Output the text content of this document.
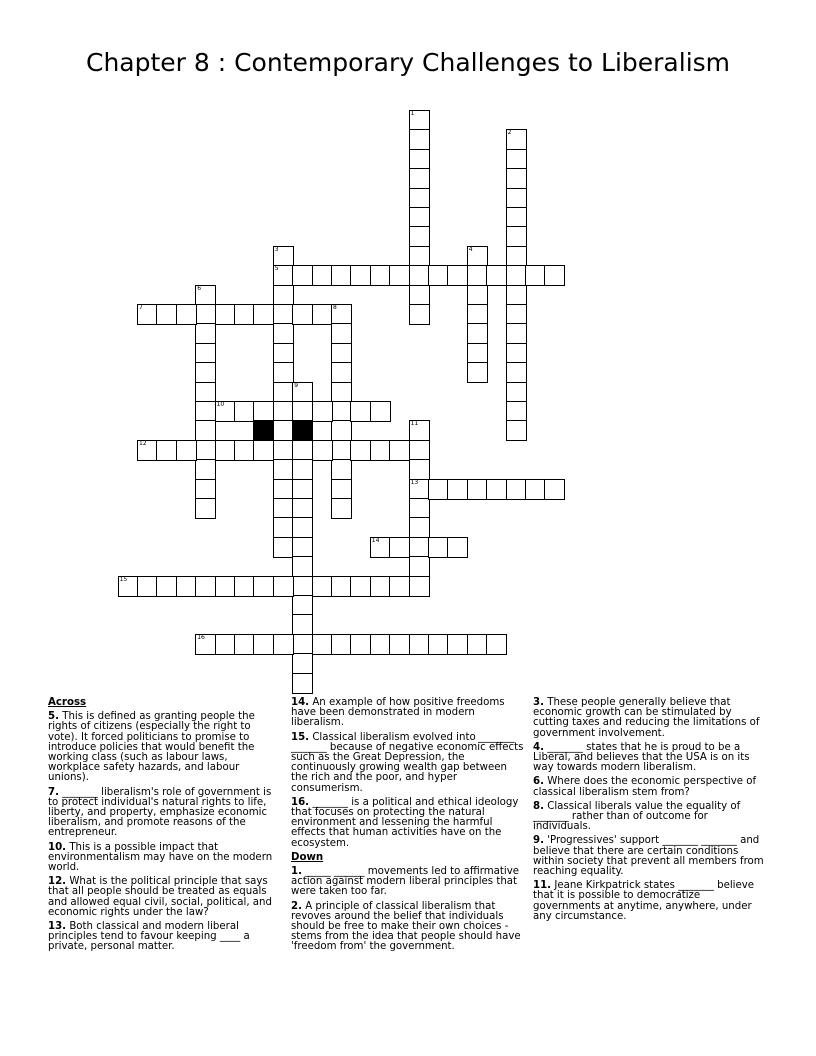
Chapter 8 : Contemporary Challenges to Liberalism
1
2
3
5
4
6
7	8
9
10
11
13
12
14
15
16

Across

5. This is defined as granting people the rights of citizens (especially the right to vote). It forced politicians to promise to introduce policies that would benefit the working class (such as labour laws, workplace safety hazards, and labour unions).

7. _______ liberalism's role of government is to protect individual's natural rights to life, liberty, and property, emphasize economic liberalism, and promote reasons of the entrepreneur.

10. This is a possible impact that environmentalism may have on the modern world.

12. What is the political principle that says that all people should be treated as equals and allowed equal civil, social, political, and economic rights under the law?

13. Both classical and modern liberal principles tend to favour keeping ____ a private, personal matter.

14. An example of how positive freedoms have been demonstrated in modern liberalism.

15. Classical liberalism evolved into _______ _______ because of negative economic effects such as the Great Depression, the continuously growing wealth gap between the rich and the poor, and hyper consumerism.

16. _______ is a political and ethical ideology that focuses on protecting the natural environment and lessening the harmful effects that human activities have on the ecosystem.

Down

1. _____ ______ movements led to affirmative action against modern liberal principles that were taken too far.

2. A principle of classical liberalism that revoves around the belief that individuals should be free to make their own choices - stems from the idea that people should have 'freedom from' the government.

3. These people generally believe that economic growth can be stimulated by cutting taxes and reducing the limitations of government involvement.

4. _______ states that he is proud to be a Liberal, and believes that the USA is on its way towards modern liberalism.

6. Where does the economic perspective of classical liberalism stem from?

8. Classical liberals value the equality of _______ rather than of outcome for individuals.

9. 'Progressives' support _______ _______ and believe that there are certain conditions within society that prevent all members from reaching equality.

11. Jeane Kirkpatrick states _______ believe that it is possible to democratize governments at anytime, anywhere, under any circumstance.
